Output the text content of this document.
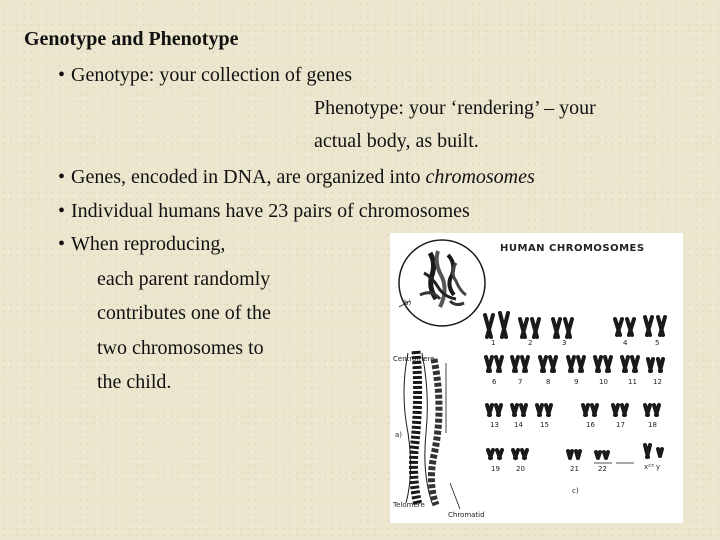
Genotype and Phenotype
• Genotype: your collection of genes
Phenotype: your ‘rendering’ – your
actual body, as built.
• Genes, encoded in DNA, are organized into chromosomes
• Individual humans have 23 pairs of chromosomes
• When reproducing,
each parent randomly
contributes one of the
two chromosomes to
the child.
HUMAN CHROMOSOMES
b)
Centromere
a)
Telomere
Chromatid
c)
1	2	3	4	5
6	7	8	9	10	11 12
13 14 15	16	17	18
19 20	21	22	x²³ y
